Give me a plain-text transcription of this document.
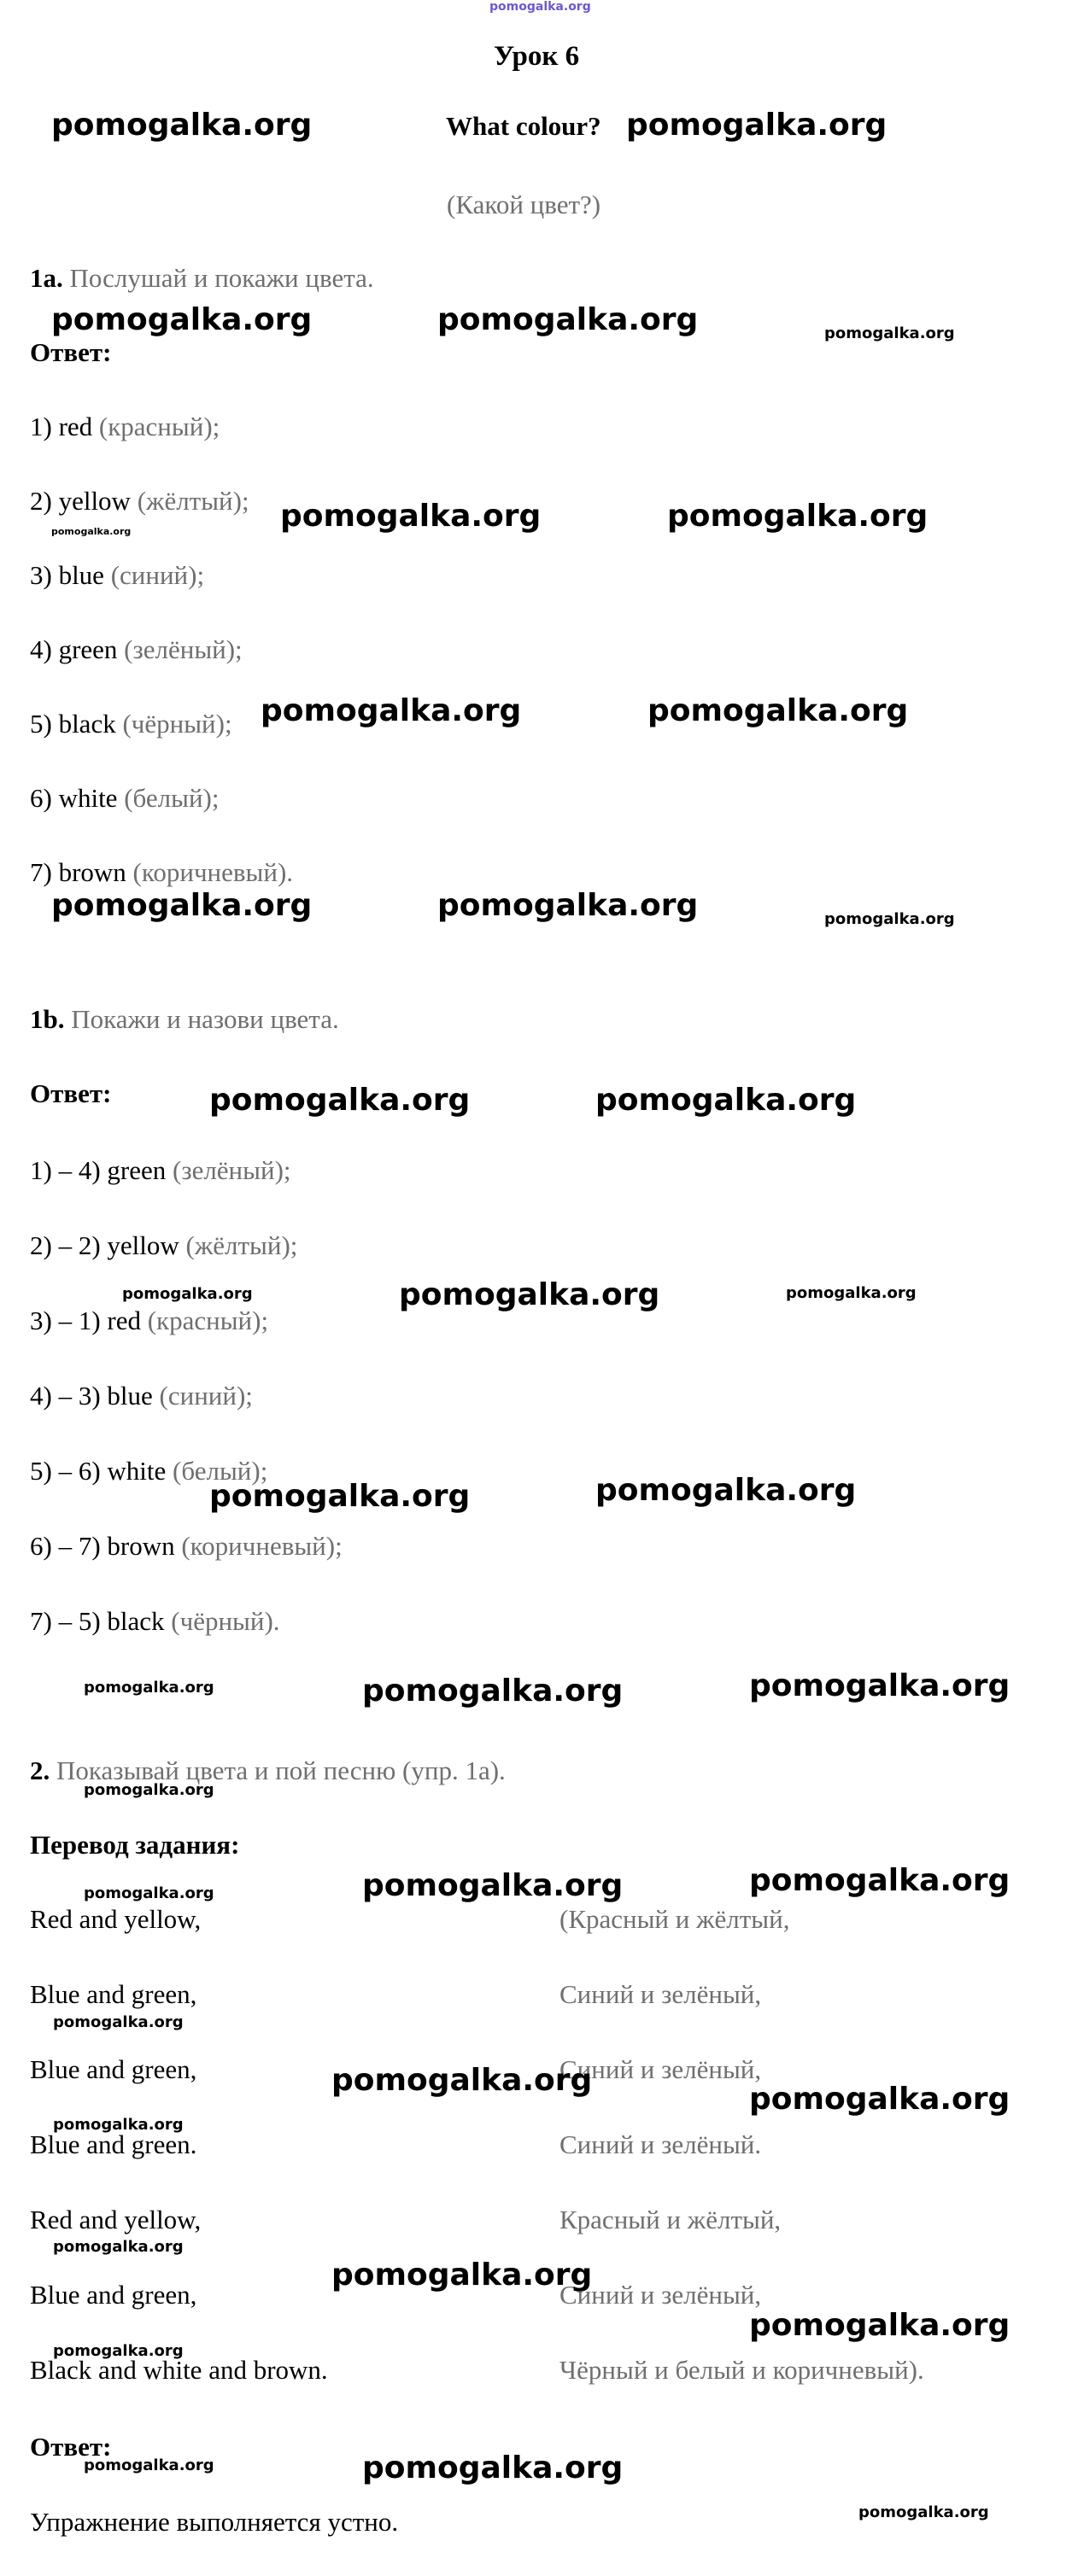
pomogalka.org
Урок 6
What colour?
(Какой цвет?)
1a. Послушай и покажи цвета.
Ответ:
1) red (красный);
2) yellow (жёлтый);
3) blue (синий);
4) green (зелёный);
5) black (чёрный);
6) white (белый);
7) brown (коричневый).
1b. Покажи и назови цвета.
Ответ:
1) – 4) green (зелёный);
2) – 2) yellow (жёлтый);
3) – 1) red (красный);
4) – 3) blue (синий);
5) – 6) white (белый);
6) – 7) brown (коричневый);
7) – 5) black (чёрный).
2. Показывай цвета и пой песню (упр. 1a).
Перевод задания:
Red and yellow,	(Красный и жёлтый,
Blue and green,	Синий и зелёный,
Blue and green,	Синий и зелёный,
Blue and green.	Синий и зелёный.
Red and yellow,	Красный и жёлтый,
Blue and green,	Синий и зелёный,
Black and white and brown.	Чёрный и белый и коричневый).
Ответ:
Упражнение выполняется устно.
pomogalka.org	pomogalka.org
pomogalka.org	pomogalka.org	pomogalka.org
pomogalka.org	pomogalka.org	pomogalka.org
pomogalka.org	pomogalka.org
pomogalka.org	pomogalka.org	pomogalka.org
pomogalka.org	pomogalka.org
pomogalka.org	pomogalka.org	pomogalka.org
pomogalka.org	pomogalka.org
pomogalka.org	pomogalka.org	pomogalka.org
pomogalka.org
pomogalka.org	pomogalka.org	pomogalka.org
pomogalka.org
pomogalka.org
pomogalka.org
pomogalka.org
pomogalka.org
pomogalka.org
pomogalka.org
pomogalka.org
pomogalka.org	pomogalka.org
pomogalka.org
